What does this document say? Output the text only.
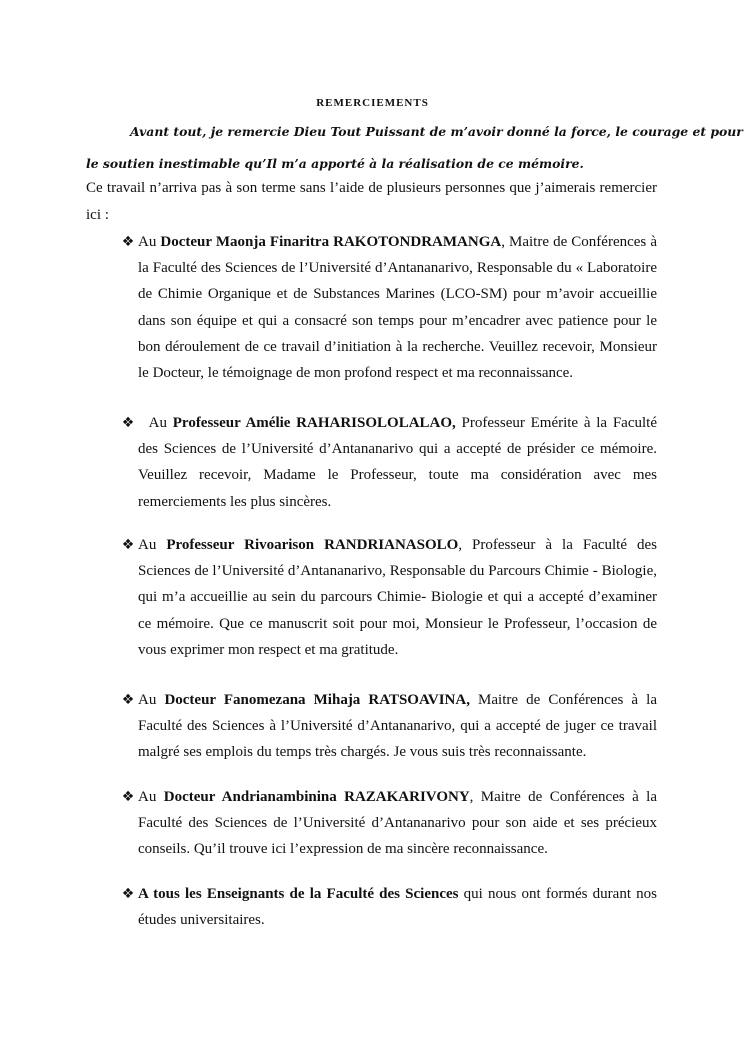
remerciements
Avant tout, je remercie Dieu Tout Puissant de m’avoir donné la force, le courage et pour
le soutien inestimable qu’Il m’a apporté à la réalisation de ce mémoire.
Ce travail n’arriva pas à son terme sans l’aide de plusieurs personnes que j’aimerais remercier
ici :
❖ Au Docteur Maonja Finaritra RAKOTONDRAMANGA, Maitre de Conférences à la Faculté des Sciences de l’Université d’Antananarivo, Responsable du « Laboratoire de Chimie Organique et de Substances Marines (LCO-SM) pour m’avoir accueillie dans son équipe et qui a consacré son temps pour m’encadrer avec patience pour le bon déroulement de ce travail d’initiation à la recherche. Veuillez recevoir, Monsieur le Docteur, le témoignage de mon profond respect et ma reconnaissance.
❖ Au Professeur Amélie RAHARISOLOLALAO, Professeur Emérite à la Faculté des Sciences de l’Université d’Antananarivo qui a accepté de présider ce mémoire. Veuillez recevoir, Madame le Professeur, toute ma considération avec mes remerciements les plus sincères.
❖ Au Professeur Rivoarison RANDRIANASOLO, Professeur à la Faculté des Sciences de l’Université d’Antananarivo, Responsable du Parcours Chimie - Biologie, qui m’a accueillie au sein du parcours Chimie- Biologie et qui a accepté d’examiner ce mémoire. Que ce manuscrit soit pour moi, Monsieur le Professeur, l’occasion de vous exprimer mon respect et ma gratitude.
❖ Au Docteur Fanomezana Mihaja RATSOAVINA, Maitre de Conférences à la Faculté des Sciences à l’Université d’Antananarivo, qui a accepté de juger ce travail malgré ses emplois du temps très chargés. Je vous suis très reconnaissante.
❖ Au Docteur Andrianambinina RAZAKARIVONY, Maitre de Conférences à la Faculté des Sciences de l’Université d’Antananarivo pour son aide et ses précieux conseils. Qu’il trouve ici l’expression de ma sincère reconnaissance.
❖ A tous les Enseignants de la Faculté des Sciences qui nous ont formés durant nos études universitaires.
